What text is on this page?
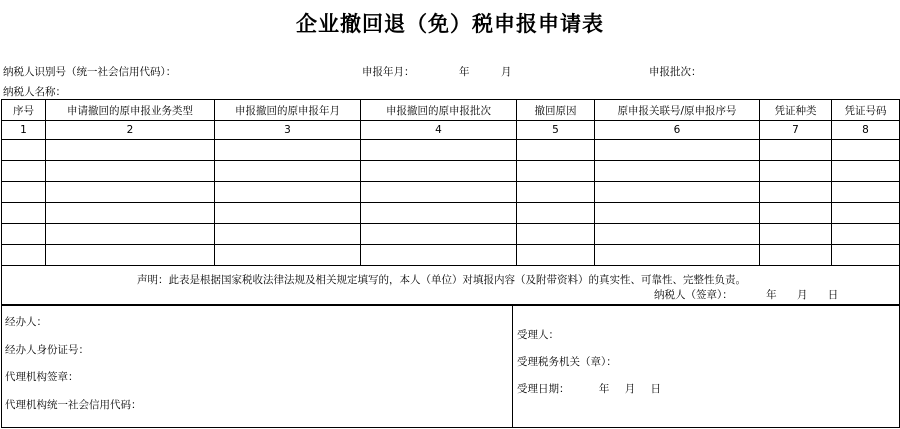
企业撤回退（免）税申报申请表
纳税人识别号（统一社会信用代码）：	申报年月：	年	月	申报批次：
纳税人名称：
序号	申请撤回的原申报业务类型	申报撤回的原申报年月	申报撤回的原申报批次	撤回原因	原申报关联号/原申报序号	凭证种类	凭证号码
1	2	3	4	5	6	7	8

声明：此表是根据国家税收法律法规及相关规定填写的，本人（单位）对填报内容（及附带资料）的真实性、可靠性、完整性负责。
纳税人（签章）： 年 月 日							
经办人：
经办人身份证号：
代理机构签章：
代理机构统一社会信用代码：

受理人：
受理税务机关（章）：
受理日期：	年 月 日
